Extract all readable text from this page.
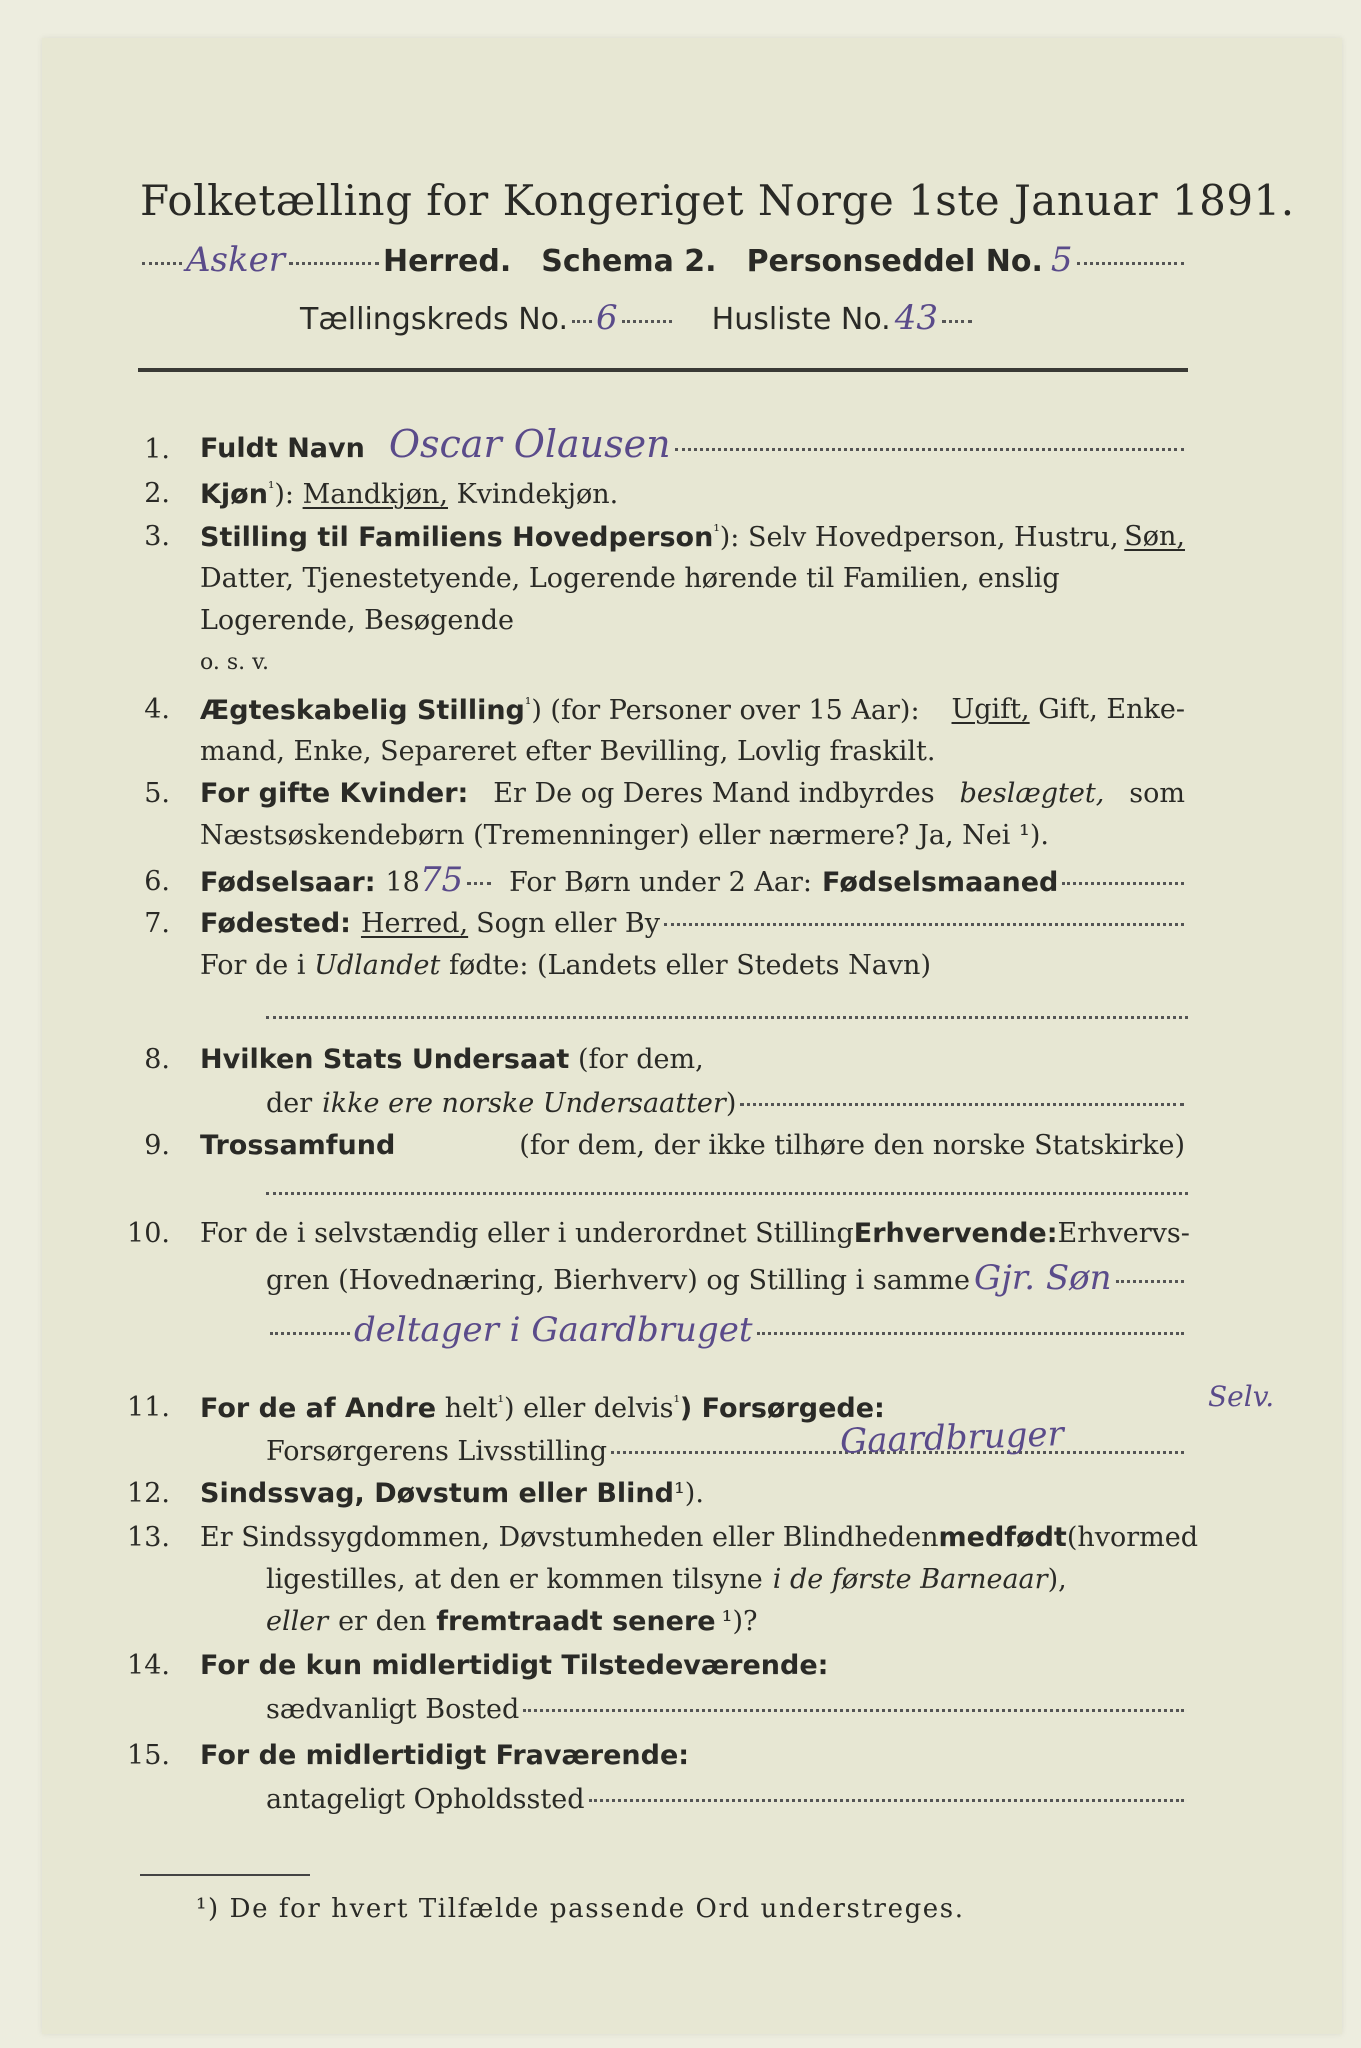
Folketælling for Kongeriget Norge 1ste Januar 1891.
Asker	Herred. Schema 2. Personseddel No. 5
Tællingskreds No. 6	Husliste No. 43
1. Fuldt Navn Oscar Olausen
2. Kjøn$^{^1}$): Mandkjøn, Kvindekjøn.
3. Stilling til Familiens Hovedperson$^{^1}$): Selv Hovedperson, Hustru, Søn,
Datter, Tjenestetyende, Logerende hørende til Familien, enslig
Logerende, Besøgende
o. s. v.
4. Ægteskabelig Stilling$^{^1}$) (for Personer over 15 Aar): Ugift, Gift, Enke-
mand, Enke, Separeret efter Bevilling, Lovlig fraskilt.
5. For gifte Kvinder: Er De og Deres Mand indbyrdes beslægtet, som
Næstsøskendebørn (Tremenninger) eller nærmere? Ja, Nei ¹).
6. Fødselsaar: 18 75 For Børn under 2 Aar: Fødselsmaaned
7. Fødested: Herred, Sogn eller By
For de i Udlandet fødte: (Landets eller Stedets Navn)
8. Hvilken Stats Undersaat (for dem,
der ikke ere norske Undersaatter )
9. Trossamfund	(for dem, der ikke tilhøre den norske Statskirke)
10. For de i selvstændig eller i underordnet Stilling Erhvervende: Erhvervs-
gren (Hovednæring, Bierhverv) og Stilling i samme Gjr. Søn
deltager i Gaardbruget
11. For de af Andre helt$^{^1}$) eller delvis$^{^1}$) Forsørgede:	Selv.
Forsørgerens Livsstilling	Gaardbruger
12. Sindssvag, Døvstum eller Blind¹).
13. Er Sindssygdommen, Døvstumheden eller Blindheden medfødt (hvormed
ligestilles, at den er kommen tilsyne i de første Barneaar ),
eller er den fremtraadt senere ¹)?
14. For de kun midlertidigt Tilstedeværende:
sædvanligt Bosted
15. For de midlertidigt Fraværende:
antageligt Opholdssted
¹) De for hvert Tilfælde passende Ord understreges.
